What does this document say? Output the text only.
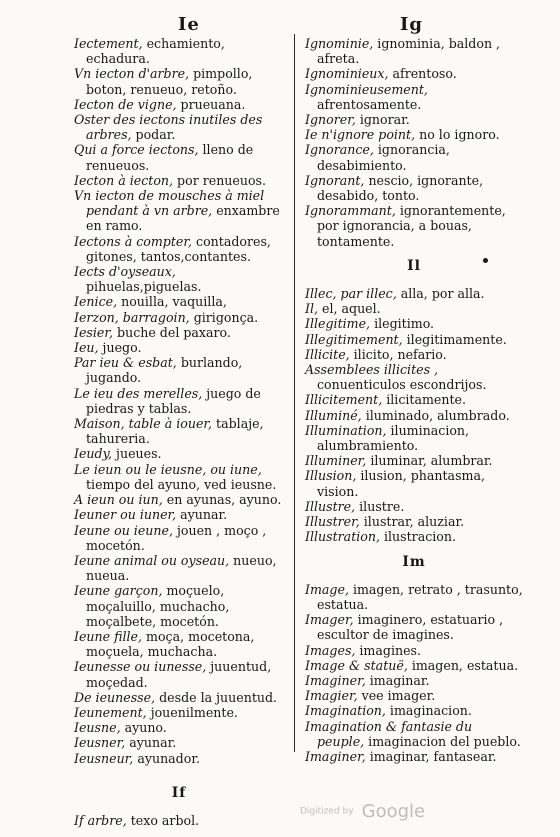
Ie	Ig

Iectement, echamiento, echadura.

Vn iecton d'arbre, pimpollo, boton, renueuo, retoño.

Iecton de vigne, prueuana.

Oster des iectons inutiles des arbres, podar.

Qui a force iectons, lleno de renueuos.

Iecton à iecton, por renueuos.

Vn iecton de mousches à miel pendant à vn arbre, enxambre en ramo.

Iectons à compter, contadores, gitones, tantos,contantes.

Iects d'oyseaux, pihuelas,piguelas.

Ienice, nouilla, vaquilla,

Ierzon, barragoin, girigonça.

Iesier, buche del paxaro.

Ieu, juego.

Par ieu & esbat, burlando, jugando.

Le ieu des merelles, juego de piedras y tablas.

Maison, table à iouer, tablaje, tahureria.

Ieudy, jueues.

Le ieun ou le ieusne, ou iune, tiempo del ayuno, ved ieusne.

A ieun ou iun, en ayunas, ayuno.

Ieuner ou iuner, ayunar.

Ieune ou ieune, jouen , moço , mocetón.

Ieune animal ou oyseau, nueuo, nueua.

Ieune garçon, moçuelo, moçaluillo, muchacho, moçalbete, mocetón.

Ieune fille, moça, mocetona, moçuela, muchacha.

Ieunesse ou iunesse, juuentud, moçedad.

De ieunesse, desde la juuentud.

Ieunement, jouenilmente.

Ieusne, ayuno.

Ieusner, ayunar.

Ieusneur, ayunador.

If

If arbre, texo arbol.

Ignominie, ignominia, baldon , afreta.

Ignominieux, afrentoso.

Ignominieusement, afrentosamente.

Ignorer, ignorar.

Ie n'ignore point, no lo ignoro.

Ignorance, ignorancia, desabimiento.

Ignorant, nescio, ignorante, desabido, tonto.

Ignorammant, ignorantemente, por ignorancia, a bouas, tontamente.

Il

Illec, par illec, alla, por alla.

Il, el, aquel.

Illegitime, ilegitimo.

Illegitimement, ilegitimamente.

Illicite, ilicito, nefario.

Assemblees illicites , conuenticulos escondrijos.

Illicitement, ilicitamente.

Illuminé, iluminado, alumbrado.

Illumination, iluminacion, alumbramiento.

Illuminer, iluminar, alumbrar.

Illusion, ilusion, phantasma, vision.

Illustre, ilustre.

Illustrer, ilustrar, aluziar.

Illustration, ilustracion.

Im

Image, imagen, retrato , trasunto, estatua.

Imager, imaginero, estatuario , escultor de imagines.

Images, imagines.

Image & statuë, imagen, estatua.

Imaginer, imaginar.

Imagier, vee imager.

Imagination, imaginacion.

Imagination & fantasie du peuple, imaginacion del pueblo.

Imaginer, imaginar, fantasear.

Digitized by Google
